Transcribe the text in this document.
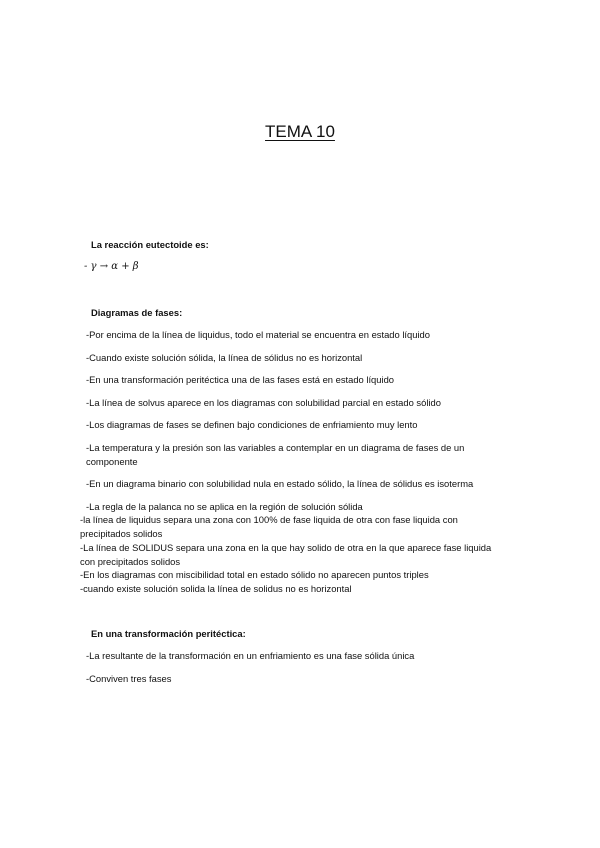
TEMA 10
La reacción eutectoide es:
- γ → α + β
Diagramas de fases:
-Por encima de la línea de liquidus, todo el material se encuentra en estado líquido
-Cuando existe solución sólida, la línea de sólidus no es horizontal
-En una transformación peritéctica una de las fases está en estado líquido
-La línea de solvus aparece en los diagramas con solubilidad parcial en estado sólido
-Los diagramas de fases se definen bajo condiciones de enfriamiento muy lento
-La temperatura y la presión son las variables a contemplar en un diagrama de fases de un
componente
-En un diagrama binario con solubilidad nula en estado sólido, la línea de sólidus es isoterma
-La regla de la palanca no se aplica en la región de solución sólida
-la línea de liquidus separa una zona con 100% de fase liquida de otra con fase liquida con
precipitados solidos
-La línea de SOLIDUS separa una zona en la que hay solido de otra en la que aparece fase liquida
con precipitados solidos
-En los diagramas con miscibilidad total en estado sólido no aparecen puntos triples
-cuando existe solución solida la línea de solidus no es horizontal
En una transformación peritéctica:
-La resultante de la transformación en un enfriamiento es una fase sólida única
-Conviven tres fases
